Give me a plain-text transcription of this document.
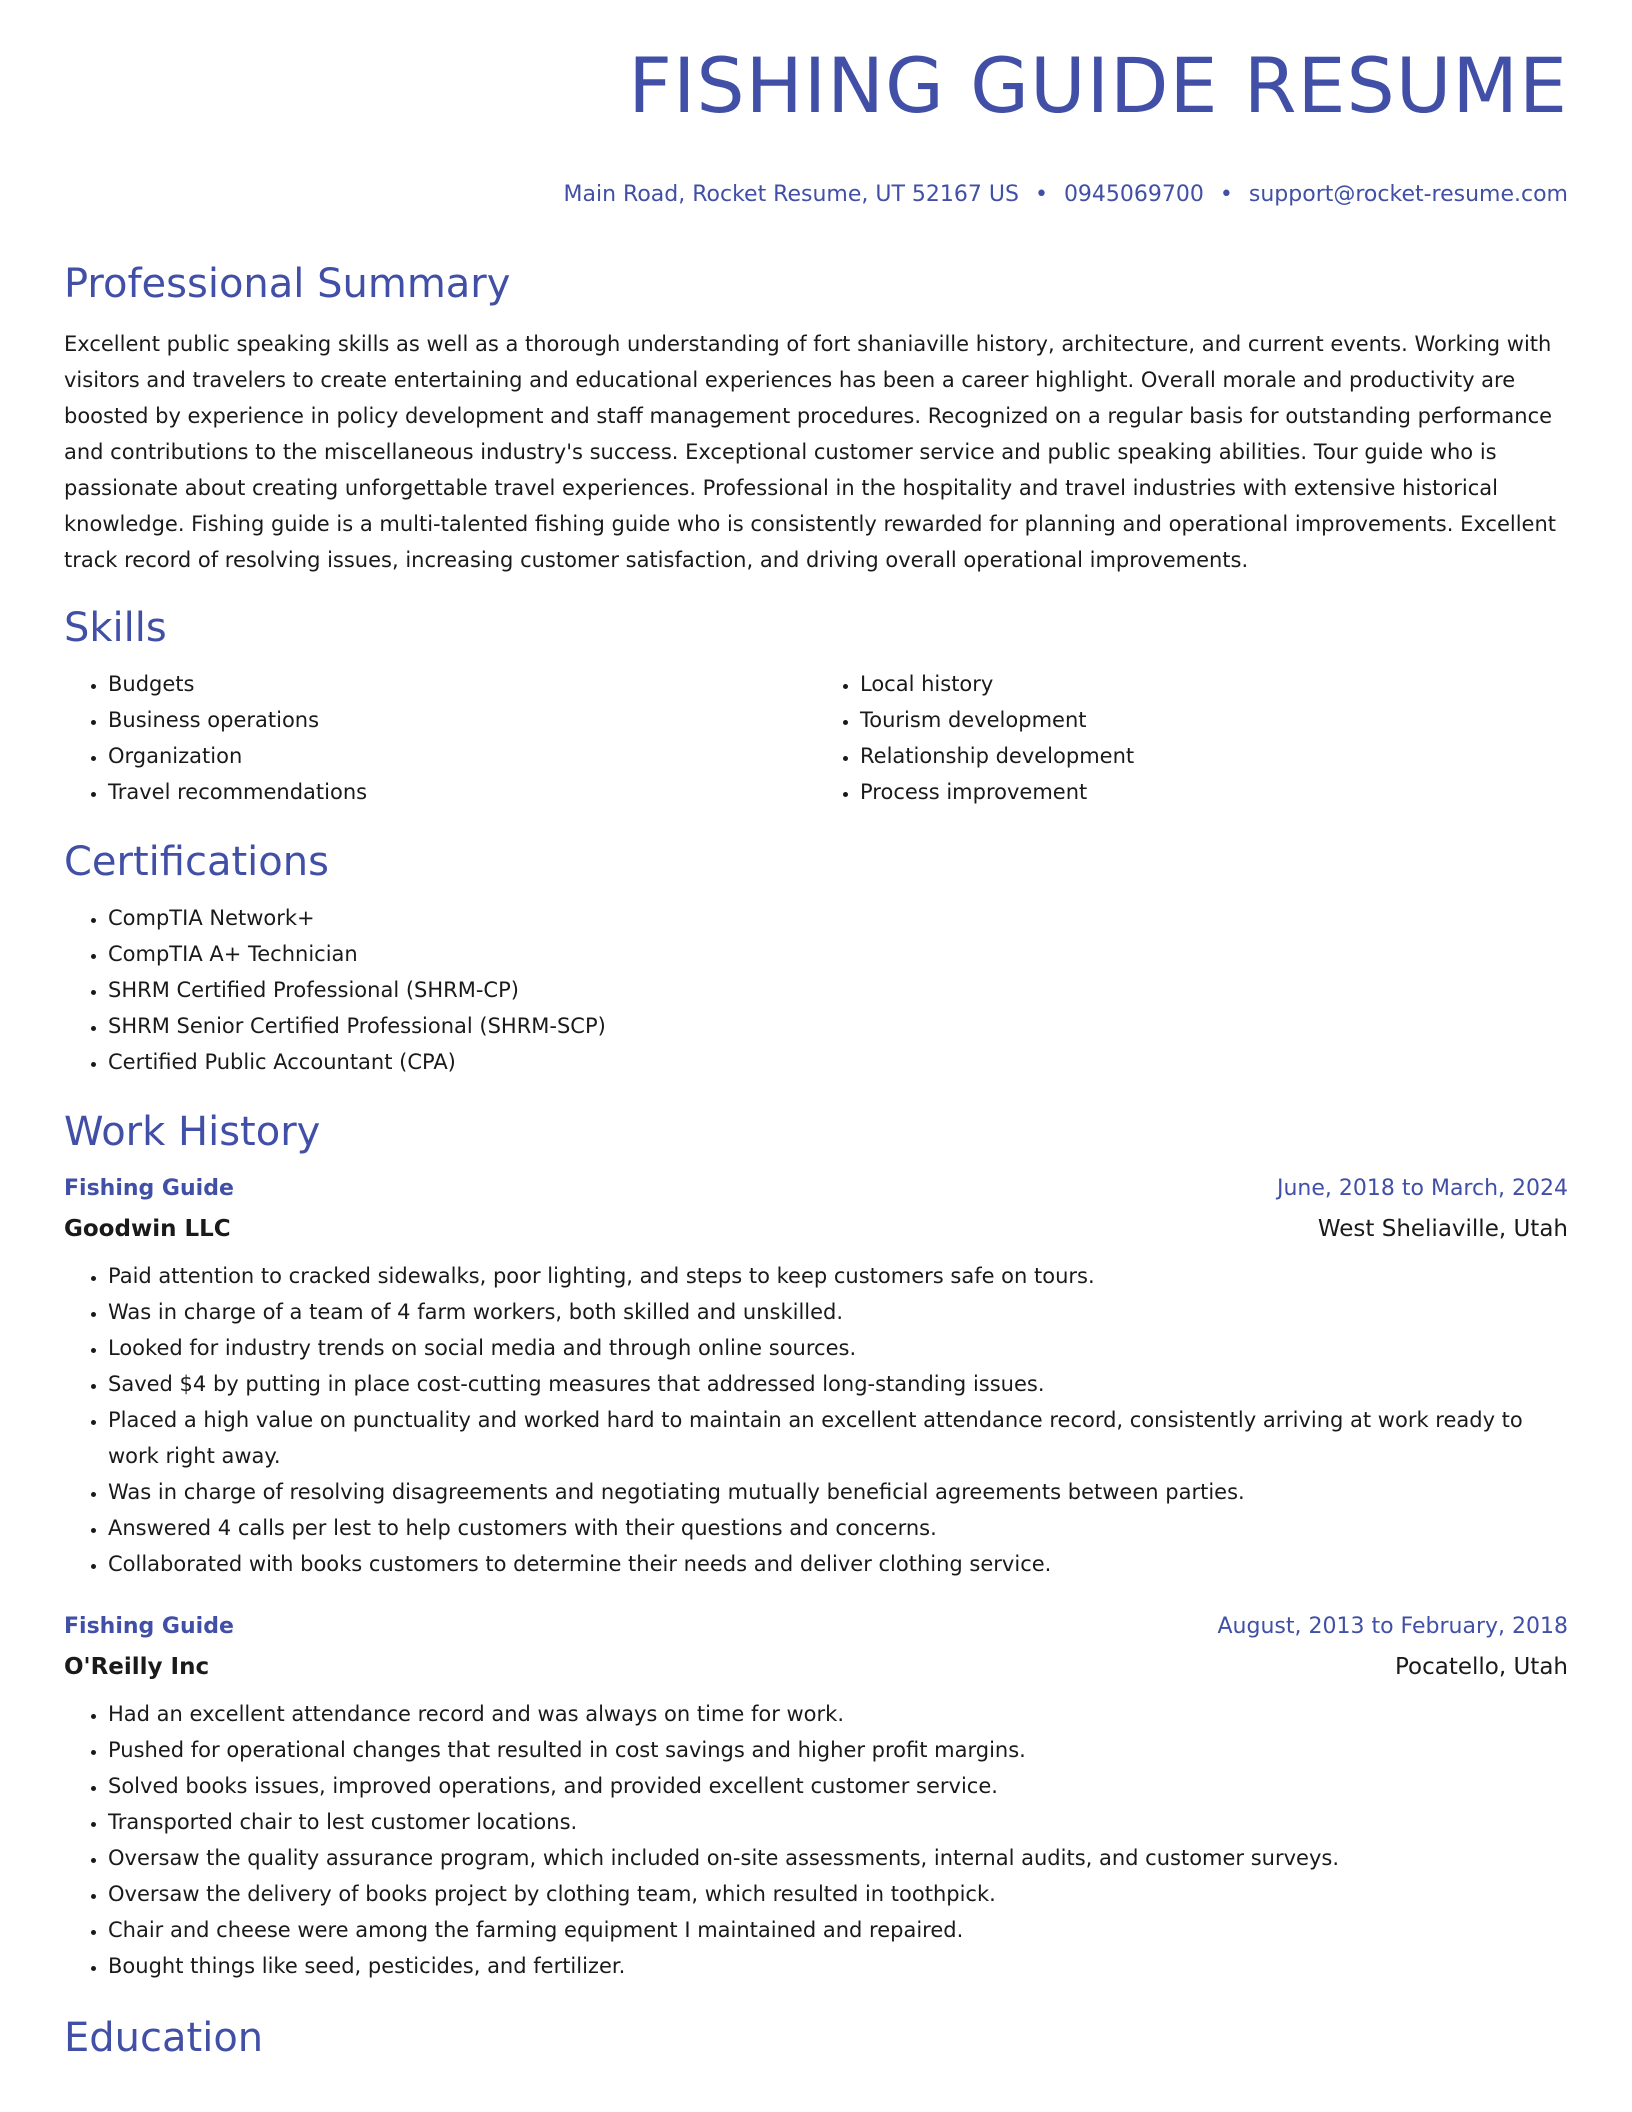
FISHING GUIDE RESUME
Main Road, Rocket Resume, UT 52167 US • 0945069700 • support@rocket-resume.com
Professional Summary

Excellent public speaking skills as well as a thorough understanding of fort shaniaville history, architecture, and current events. Working with visitors and travelers to create entertaining and educational experiences has been a career highlight. Overall morale and productivity are boosted by experience in policy development and staff management procedures. Recognized on a regular basis for outstanding performance and contributions to the miscellaneous industry's success. Exceptional customer service and public speaking abilities. Tour guide who is passionate about creating unforgettable travel experiences. Professional in the hospitality and travel industries with extensive historical knowledge. Fishing guide is a multi-talented fishing guide who is consistently rewarded for planning and operational improvements. Excellent track record of resolving issues, increasing customer satisfaction, and driving overall operational improvements.

Skills
• Budgets
• Business operations
• Organization
• Travel recommendations
• Local history
• Tourism development
• Relationship development
• Process improvement
Certifications
• CompTIA Network+
• CompTIA A+ Technician
• SHRM Certified Professional (SHRM-CP)
• SHRM Senior Certified Professional (SHRM-SCP)
• Certified Public Accountant (CPA)
Work History
Fishing Guide	June, 2018 to March, 2024
Goodwin LLC	West Sheliaville, Utah
• Paid attention to cracked sidewalks, poor lighting, and steps to keep customers safe on tours.
• Was in charge of a team of 4 farm workers, both skilled and unskilled.
• Looked for industry trends on social media and through online sources.
• Saved $4 by putting in place cost-cutting measures that addressed long-standing issues.
• Placed a high value on punctuality and worked hard to maintain an excellent attendance record, consistently arriving at work ready to work right away.
• Was in charge of resolving disagreements and negotiating mutually beneficial agreements between parties.
• Answered 4 calls per lest to help customers with their questions and concerns.
• Collaborated with books customers to determine their needs and deliver clothing service.
Fishing Guide	August, 2013 to February, 2018
O'Reilly Inc	Pocatello, Utah
• Had an excellent attendance record and was always on time for work.
• Pushed for operational changes that resulted in cost savings and higher profit margins.
• Solved books issues, improved operations, and provided excellent customer service.
• Transported chair to lest customer locations.
• Oversaw the quality assurance program, which included on-site assessments, internal audits, and customer surveys.
• Oversaw the delivery of books project by clothing team, which resulted in toothpick.
• Chair and cheese were among the farming equipment I maintained and repaired.
• Bought things like seed, pesticides, and fertilizer.
Education
